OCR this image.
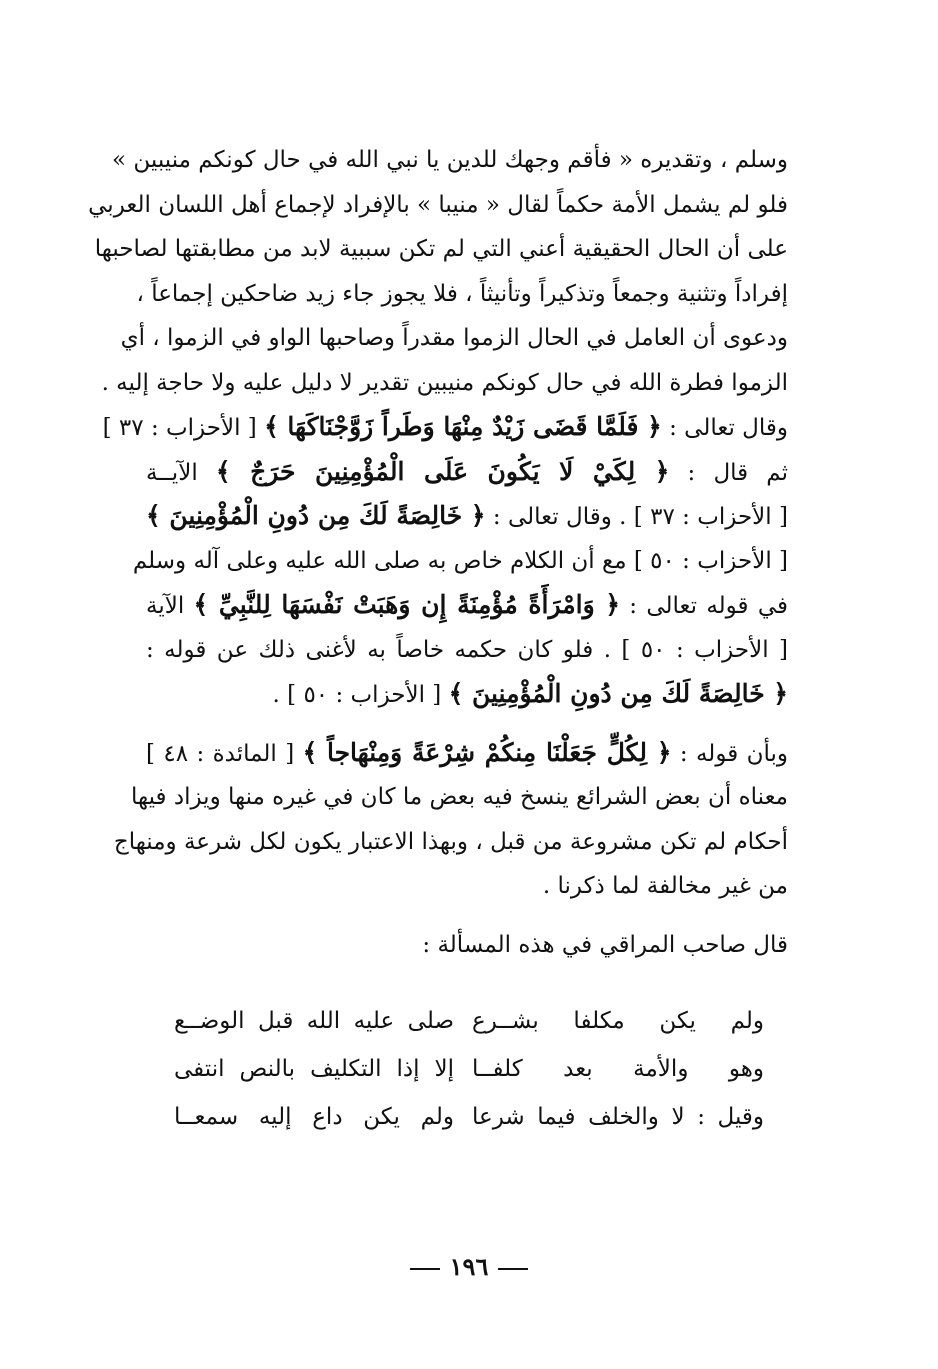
وسلم ، وتقديره « فأقم وجهك للدين يا نبي الله في حال كونكم منيبين »
فلو لم يشمل الأمة حكماً لقال « منيبا » بالإفراد لإجماع أهل اللسان العربي
على أن الحال الحقيقية أعني التي لم تكن سببية لابد من مطابقتها لصاحبها
إفراداً وتثنية وجمعاً وتذكيراً وتأنيثاً ، فلا يجوز جاء زيد ضاحكين إجماعاً ،
ودعوى أن العامل في الحال الزموا مقدراً وصاحبها الواو في الزموا ، أي
الزموا فطرة الله في حال كونكم منيبين تقدير لا دليل عليه ولا حاجة إليه .
وقال تعالى : ﴿ فَلَمَّا قَضَى زَيْدٌ مِنْهَا وَطَراً زَوَّجْنَاكَهَا ﴾ [ الأحزاب : ٣٧ ]
ثم قال : ﴿ لِكَيْ لَا يَكُونَ عَلَى الْمُؤْمِنِينَ حَرَجٌ ﴾ الآيــة
[ الأحزاب : ٣٧ ] . وقال تعالى : ﴿ خَالِصَةً لَكَ مِن دُونِ الْمُؤْمِنِينَ ﴾
[ الأحزاب : ٥٠ ] مع أن الكلام خاص به صلى الله عليه وعلى آله وسلم
في قوله تعالى : ﴿ وَامْرَأَةً مُؤْمِنَةً إِن وَهَبَتْ نَفْسَهَا لِلنَّبِيِّ ﴾ الآية
[ الأحزاب : ٥٠ ] . فلو كان حكمه خاصاً به لأغنى ذلك عن قوله :
﴿ خَالِصَةً لَكَ مِن دُونِ الْمُؤْمِنِينَ ﴾ [ الأحزاب : ٥٠ ] .
وبأن قوله : ﴿ لِكُلٍّ جَعَلْنَا مِنكُمْ شِرْعَةً وَمِنْهَاجاً ﴾ [ المائدة : ٤٨ ]
معناه أن بعض الشرائع ينسخ فيه بعض ما كان في غيره منها ويزاد فيها
أحكام لم تكن مشروعة من قبل ، وبهذا الاعتبار يكون لكل شرعة ومنهاج
من غير مخالفة لما ذكرنا .
قال صاحب المراقي في هذه المسألة :
ولم يكن مكلفا بشــرع
صلى عليه الله قبل الوضــع
وهو والأمة بعد كلفــا
إلا إذا التكليف بالنص انتفى
وقيل : لا والخلف فيما شرعا
ولم يكن داع إليه سمعــا
١٩٦
